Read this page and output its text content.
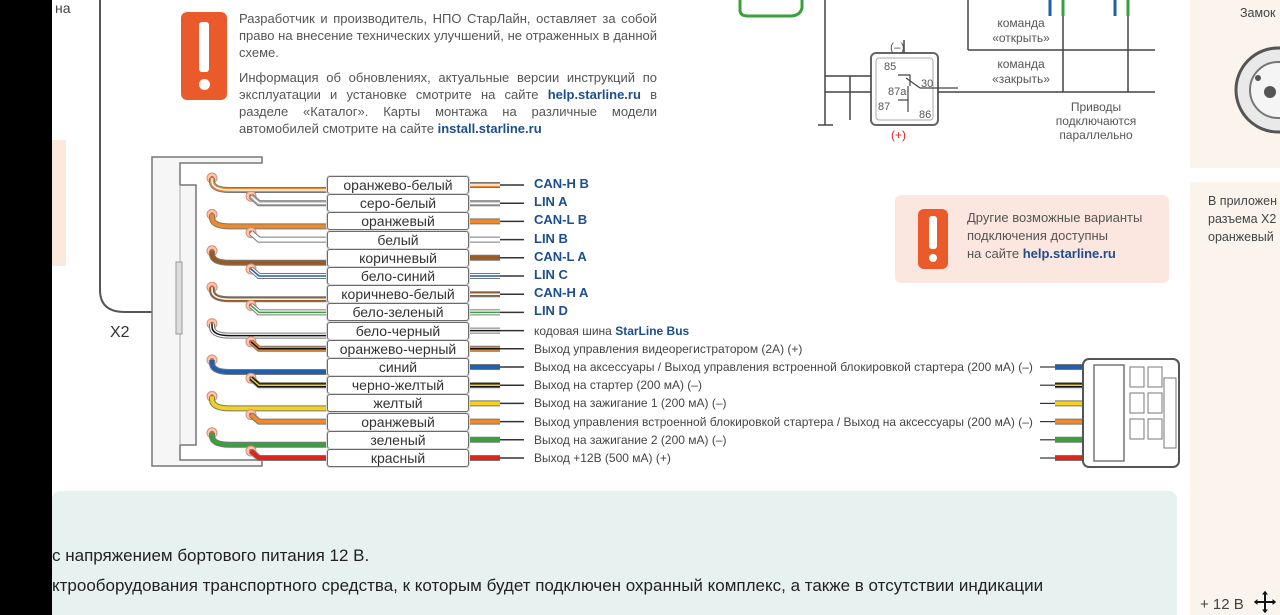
на
Разработчик и производитель, НПО СтарЛайн, оставляет за собой право на внесение технических улучшений, не отраженных в данной схеме.
Информация об обновлениях, актуальные версии инструкций по эксплуатации и установке смотрите на сайте help.starline.ru в разделе «Каталог». Карты монтажа на различные модели автомобилей смотрите на сайте install.starline.ru
(–)
(+)
85
87a
87
30
86
команда
«открыть»
команда
«закрыть»
Приводы
подключаются
параллельно
X2
оранжево-белый	CAN-H B
серо-белый	LIN A
оранжевый	CAN-L B
белый	LIN B
коричневый	CAN-L A
бело-синий	LIN C
коричнево-белый	CAN-H A
бело-зеленый	LIN D
бело-черный	кодовая шина StarLine Bus
оранжево-черный	Выход управления видеорегистратором (2А) (+)
синий	Выход на аксессуары / Выход управления встроенной блокировкой стартера (200 мА) (–)
черно-желтый	Выход на стартер (200 мА) (–)
желтый	Выход на зажигание 1 (200 мА) (–)
оранжевый	Выход управления встроенной блокировкой стартера / Выход на аксессуары (200 мА) (–)
зеленый	Выход на зажигание 2 (200 мА) (–)
красный	Выход +12В (500 мА) (+)
Другие возможные варианты
подключения доступны
на сайте help.starline.ru
с напряжением бортового питания 12 В.
ктрооборудования транспортного средства, к которым будет подключен охранный комплекс, а также в отсутствии индикации
Замок
В приложен
разъема X2
оранжевый
+ 12 В
